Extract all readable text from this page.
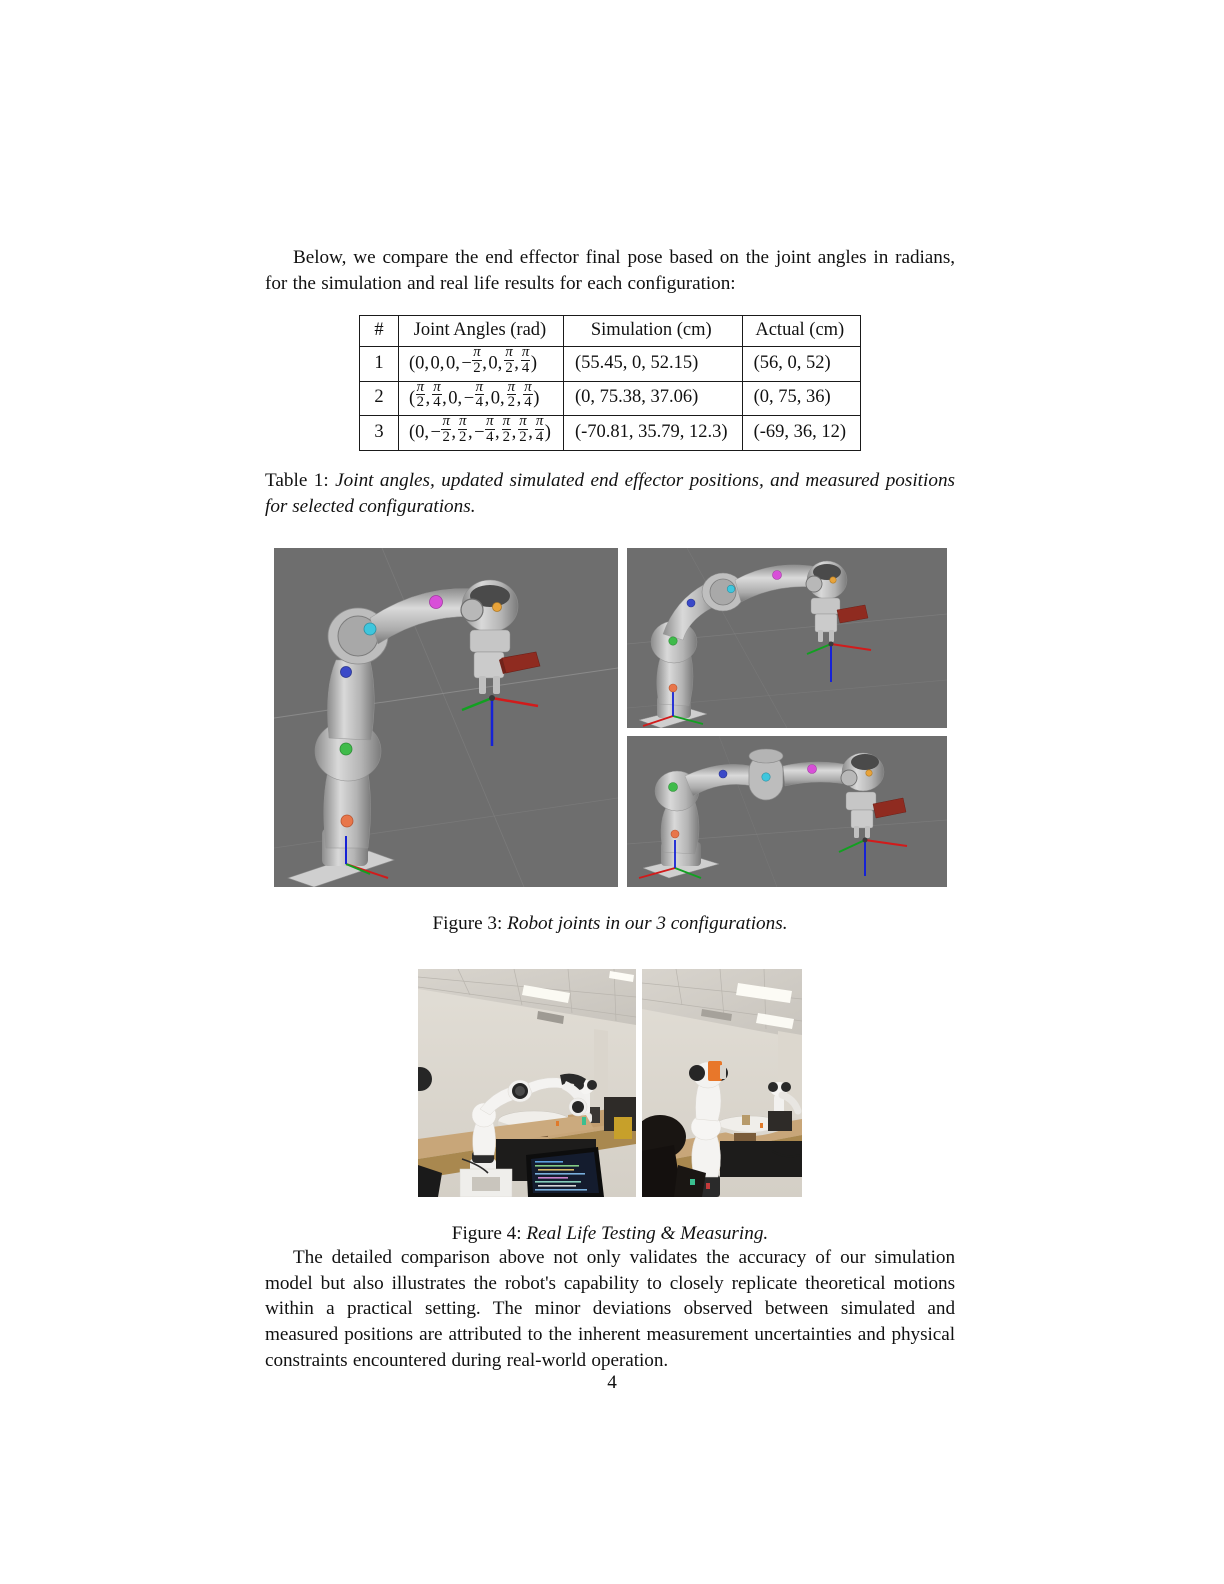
Below, we compare the end effector final pose based on the joint angles in radians, for the simulation and real life results for each configuration:

#	Joint Angles (rad)	Simulation (cm)	Actual (cm)
1	(0, 0, 0, − $\frac{\pi}{2}$ , 0,  $\frac{\pi}{2}$ ,  $\frac{\pi}{4}$ )	(55.45, 0, 52.15)	(56, 0, 52)
2	( $\frac{\pi}{2}$ ,  $\frac{\pi}{4}$ , 0, − $\frac{\pi}{4}$ , 0,  $\frac{\pi}{2}$ ,  $\frac{\pi}{4}$ )	(0, 75.38, 37.06)	(0, 75, 36)
3	(0, − $\frac{\pi}{2}$ ,  $\frac{\pi}{2}$ , − $\frac{\pi}{4}$ ,  $\frac{\pi}{2}$ ,  $\frac{\pi}{2}$ ,  $\frac{\pi}{4}$ )	(-70.81, 35.79, 12.3)	(-69, 36, 12)
Table 1: Joint angles, updated simulated end effector positions, and measured positions for selected configurations.
Figure 3: Robot joints in our 3 configurations.
Figure 4: Real Life Testing & Measuring.

The detailed comparison above not only validates the accuracy of our simulation model but also illustrates the robot's capability to closely replicate theoretical motions within a practical setting. The minor deviations observed between simulated and measured positions are attributed to the inherent measurement uncertainties and physical constraints encountered during real-world operation.

4
